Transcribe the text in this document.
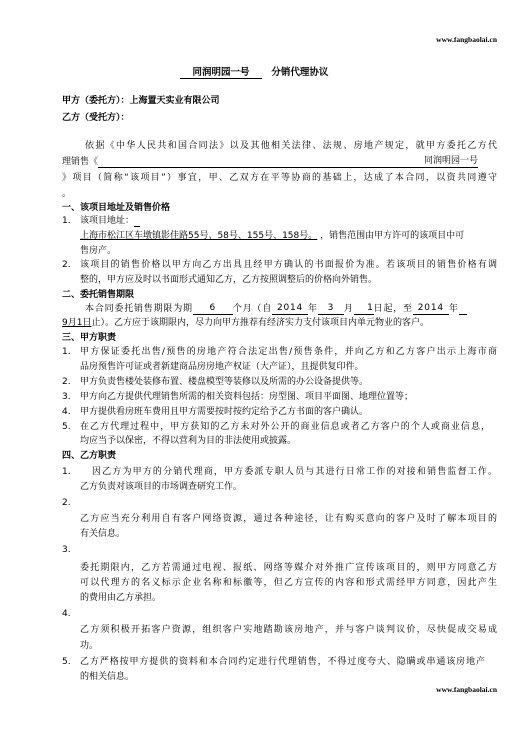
www.fangbaolai.cn
同润明园一号 分销代理协议
甲方（委托方）：上海置天实业有限公司
乙方（受托方）：
依据《中华人民共和国合同法》以及其他相关法律、法规、房地产规定，就甲方委托乙方代
理销售《	同润明园一号
》项目（简称“该项目”）事宜，甲、乙双方在平等协商的基础上，达成了本合同，以资共同遵守
。
一、该项目地址及销售价格
1. 该项目地址：
上海市松江区车墩镇影佳路55号、58号、155号、158号。 ，销售范围由甲方许可的该项目中可
售房产。
2. 该项目的销售价格以甲方向乙方出具且经甲方确认的书面报价为准。若该项目的销售价格有调
整的，甲方应及时以书面形式通知乙方，乙方按照调整后的价格向外销售。
二、委托销售期限
本合同委托销售期限为期 6 个月（自 2014 年 3 月 1日起，至 2014 年
9月1日止）。乙方应于该期限内，尽力向甲方推荐有经济实力支付该项目内单元物业的客户。
三、甲方职责
1. 甲方保证委托出售/预售的房地产符合法定出售/预售条件，并向乙方和乙方客户出示上海市商
品房预售许可证或者新建商品房房地产权证（大产证），且提供复印件。
2. 甲方负责售楼处装修布置、楼盘模型等装修以及所需的办公设备提供等。
3. 甲方向乙方提供代理销售所需的相关资料包括：房型图、项目平面图、地理位置等；
4. 甲方提供看房班车费用且甲方需要按时按约定给予乙方书面的客户确认。
5. 在乙方代理过程中，甲方获知的乙方未对外公开的商业信息或者乙方客户的个人或商业信息，
均应当予以保密，不得以营利为目的非法使用或披露。
四、乙方职责
1. 因乙方为甲方的分销代理商，甲方委派专职人员与其进行日常工作的对接和销售监督工作。
乙方负责对该项目的市场调查研究工作。
2.
乙方应当充分利用自有客户网络资源，通过各种途径，让有购买意向的客户及时了解本项目的
有关信息。
3.
委托期限内，乙方若需通过电视、报纸、网络等媒介对外推广宣传该项目的，则甲方同意乙方
可以代理方的名义标示企业名称和标徽等，但乙方宣传的内容和形式需经甲方同意，因此产生
的费用由乙方承担。
4.
乙方须积极开拓客户资源，组织客户实地踏勘该房地产，并与客户谈判议价，尽快促成交易成
功。
5. 乙方严格按甲方提供的资料和本合同约定进行代理销售，不得过度夸大、隐瞒或串通该房地产
的相关信息。
www.fangbaolai.cn
